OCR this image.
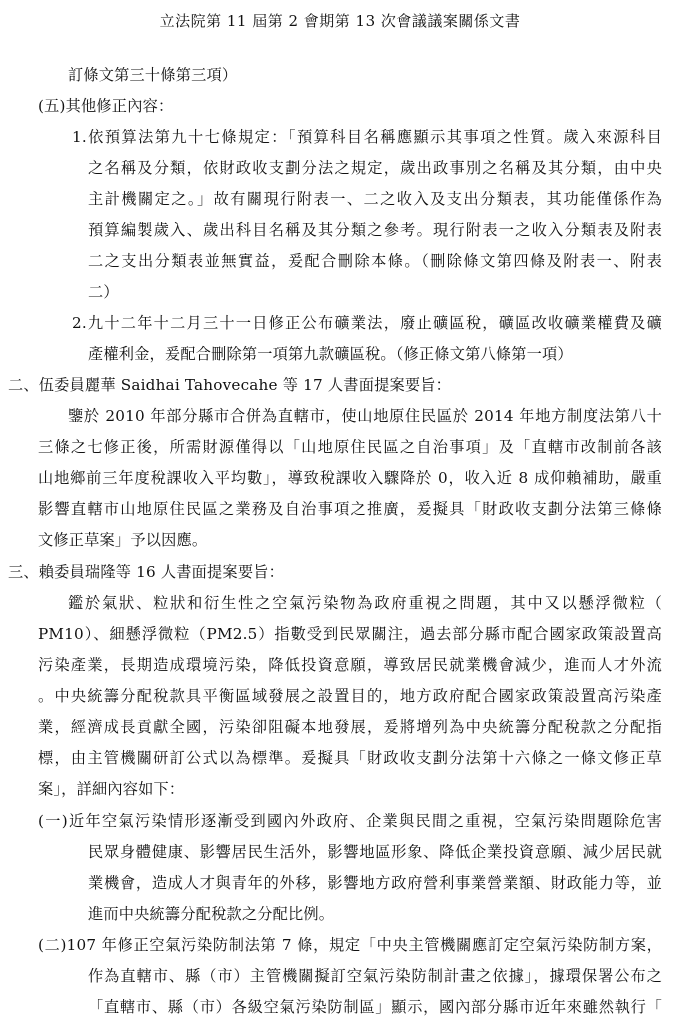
立法院第 11 屆第 2 會期第 13 次會議議案關係文書
訂條文第三十條第三項）
(五)其他修正內容：
1.依預算法第九十七條規定：「預算科目名稱應顯示其事項之性質。歲入來源科目
之名稱及分類，依財政收支劃分法之規定，歲出政事別之名稱及其分類，由中央
主計機關定之。」故有關現行附表一、二之收入及支出分類表，其功能僅係作為
預算編製歲入、歲出科目名稱及其分類之參考。現行附表一之收入分類表及附表
二之支出分類表並無實益，爰配合刪除本條。（刪除條文第四條及附表一、附表
二）
2.九十二年十二月三十一日修正公布礦業法，廢止礦區稅，礦區改收礦業權費及礦
產權利金，爰配合刪除第一項第九款礦區稅。（修正條文第八條第一項）
二、伍委員麗華 Saidhai Tahovecahe 等 17 人書面提案要旨：
鑒於 2010 年部分縣市合併為直轄市，使山地原住民區於 2014 年地方制度法第八十
三條之七修正後，所需財源僅得以「山地原住民區之自治事項」及「直轄市改制前各該
山地鄉前三年度稅課收入平均數」，導致稅課收入驟降於 0，收入近 8 成仰賴補助，嚴重
影響直轄市山地原住民區之業務及自治事項之推廣，爰擬具「財政收支劃分法第三條條
文修正草案」予以因應。
三、賴委員瑞隆等 16 人書面提案要旨：
鑑於氣狀、粒狀和衍生性之空氣污染物為政府重視之問題，其中又以懸浮微粒（
PM10）、細懸浮微粒（PM2.5）指數受到民眾關注，過去部分縣市配合國家政策設置高
污染產業，長期造成環境污染，降低投資意願，導致居民就業機會減少，進而人才外流
。中央統籌分配稅款具平衡區域發展之設置目的，地方政府配合國家政策設置高污染產
業，經濟成長貢獻全國，污染卻阻礙本地發展，爰將增列為中央統籌分配稅款之分配指
標，由主管機關研訂公式以為標準。爰擬具「財政收支劃分法第十六條之一條文修正草
案」，詳細內容如下：
(一)近年空氣污染情形逐漸受到國內外政府、企業與民間之重視，空氣污染問題除危害
民眾身體健康、影響居民生活外，影響地區形象、降低企業投資意願、減少居民就
業機會，造成人才與青年的外移，影響地方政府營利事業營業額、財政能力等，並
進而中央統籌分配稅款之分配比例。
(二)107 年修正空氣污染防制法第 7 條，規定「中央主管機關應訂定空氣污染防制方案，
作為直轄市、縣（市）主管機關擬訂空氣污染防制計畫之依據」，據環保署公布之
「直轄市、縣（市）各級空氣污染防制區」顯示，國內部分縣市近年來雖然執行「
